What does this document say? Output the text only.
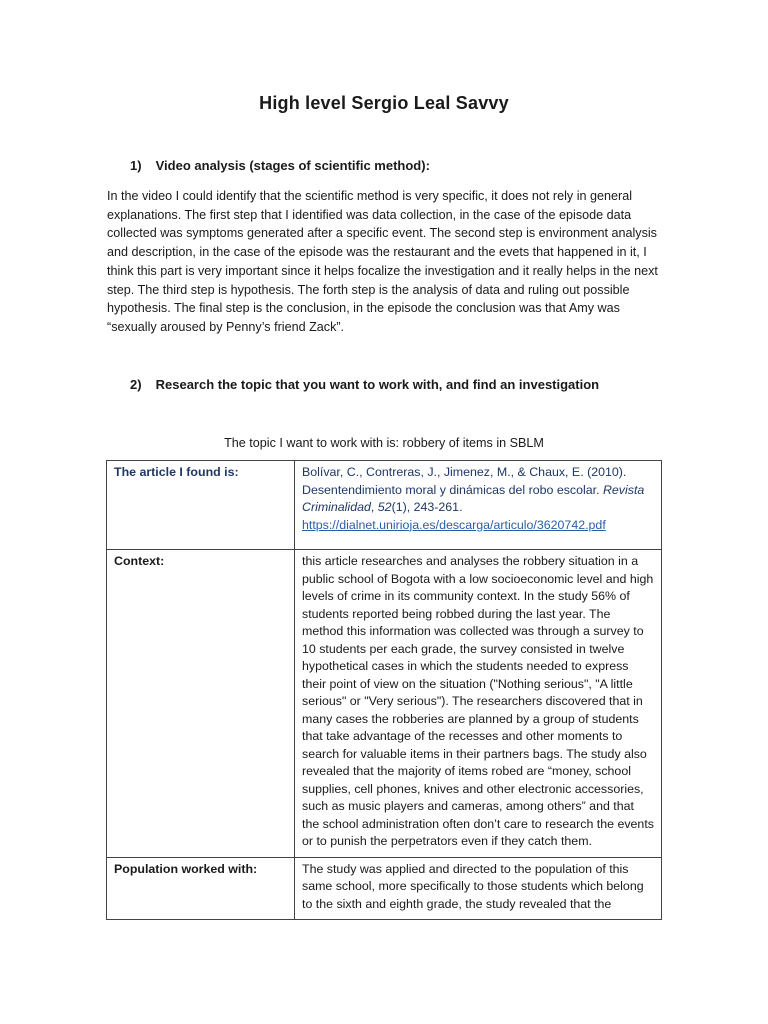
High level Sergio Leal Savvy
1) Video analysis (stages of scientific method):
In the video I could identify that the scientific method is very specific, it does not rely in general explanations. The first step that I identified was data collection, in the case of the episode data collected was symptoms generated after a specific event. The second step is environment analysis and description, in the case of the episode was the restaurant and the evets that happened in it, I think this part is very important since it helps focalize the investigation and it really helps in the next step. The third step is hypothesis. The forth step is the analysis of data and ruling out possible hypothesis. The final step is the conclusion, in the episode the conclusion was that Amy was “sexually aroused by Penny’s friend Zack”.
2) Research the topic that you want to work with, and find an investigation
The topic I want to work with is: robbery of items in SBLM
The article I found is:	Bolívar, C., Contreras, J., Jimenez, M., & Chaux, E. (2010). Desentendimiento moral y dinámicas del robo escolar. Revista Criminalidad, 52(1), 243-261. https://dialnet.unirioja.es/descarga/articulo/3620742.pdf
Context:	this article researches and analyses the robbery situation in a public school of Bogota with a low socioeconomic level and high levels of crime in its community context. In the study 56% of students reported being robbed during the last year. The method this information was collected was through a survey to 10 students per each grade, the survey consisted in twelve hypothetical cases in which the students needed to express their point of view on the situation ("Nothing serious", "A little serious" or "Very serious"). The researchers discovered that in many cases the robberies are planned by a group of students that take advantage of the recesses and other moments to search for valuable items in their partners bags. The study also revealed that the majority of items robed are “money, school supplies, cell phones, knives and other electronic accessories, such as music players and cameras, among others” and that the school administration often don’t care to research the events or to punish the perpetrators even if they catch them.
Population worked with:	The study was applied and directed to the population of this same school, more specifically to those students which belong to the sixth and eighth grade, the study revealed that the
